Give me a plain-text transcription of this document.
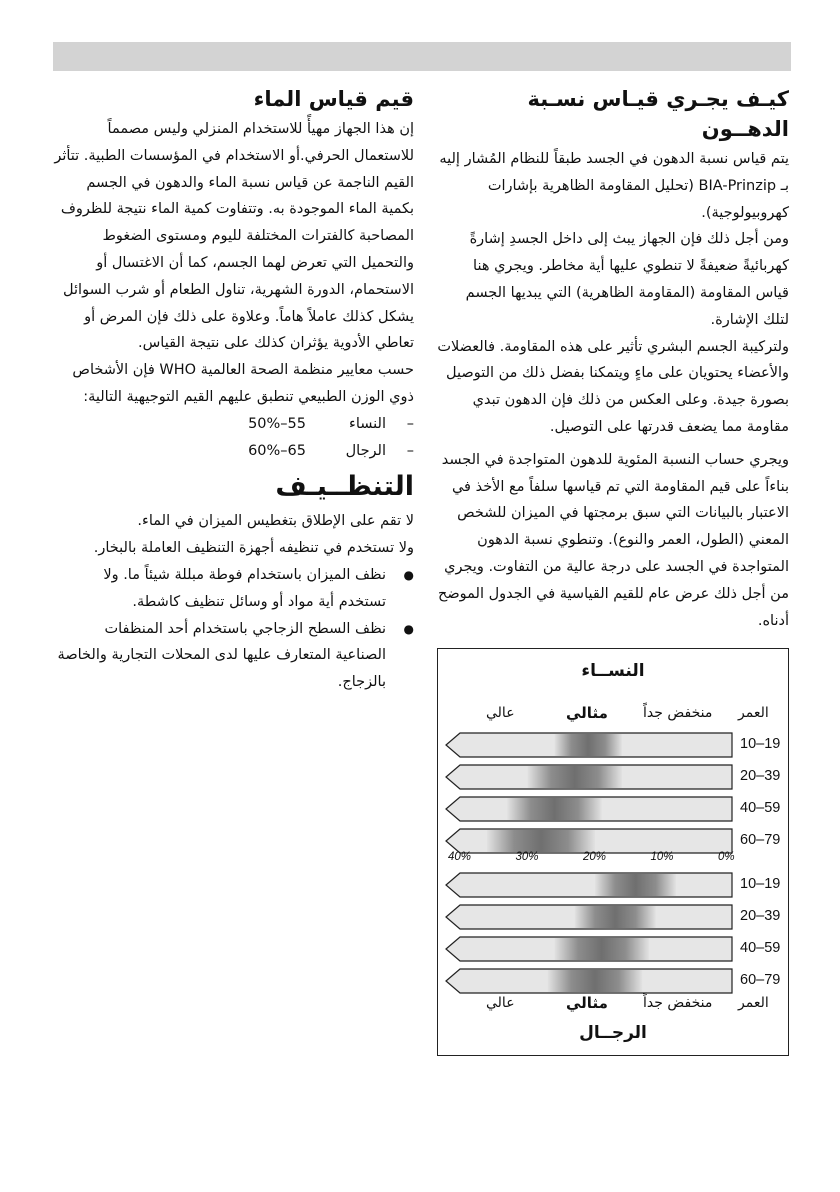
كيـف يجـري قيـاس نسـبة الدهــون

يتم قياس نسبة الدهون في الجسد طبقاً للنظام المُشار إليه بـ BIA-Prinzip (تحليل المقاومة الظاهرية بإشارات كهروبيولوجية).

ومن أجل ذلك فإن الجهاز يبث إلى داخل الجسدِ إشارةً كهربائيةً ضعيفةً لا تنطوي عليها أية مخاطر. ويجري هنا قياس المقاومة (المقاومة الظاهرية) التي يبديها الجسم لتلك الإشارة.

ولتركيبة الجسم البشري تأثير على هذه المقاومة. فالعضلات والأعضاء يحتويان على ماءٍ ويتمكنا بفضل ذلك من التوصيل بصورة جيدة. وعلى العكس من ذلك فإن الدهون تبدي مقاومة مما يضعف قدرتها على التوصيل.

ويجري حساب النسبة المئوية للدهون المتواجدة في الجسد بناءاً على قيم المقاومة التي تم قياسها سلفاً مع الأخذ في الاعتبار بالبيانات التي سبق برمجتها في الميزان للشخص المعني (الطول، العمر والنوع). وتنطوي نسبة الدهون المتواجدة في الجسد على درجة عالية من التفاوت. ويجري من أجل ذلك عرض عام للقيم القياسية في الجدول الموضح أدناه.

قيم قياس الماء

إن هذا الجهاز مهيأً للاستخدام المنزلي وليس مصمماً للاستعمال الحرفي.أو الاستخدام في المؤسسات الطبية. تتأثر القيم الناجمة عن قياس نسبة الماء والدهون في الجسم بكمية الماء الموجودة به. وتتفاوت كمية الماء نتيجة للظروف المصاحبة كالفترات المختلفة لليوم ومستوى الضغوط والتحميل التي تعرض لهما الجسم، كما أن الاغتسال أو الاستحمام، الدورة الشهرية، تناول الطعام أو شرب السوائل يشكل كذلك عاملاً هاماً. وعلاوة على ذلك فإن المرض أو تعاطي الأدوية يؤثران كذلك على نتيجة القياس.

حسب معايير منظمة الصحة العالمية WHO فإن الأشخاص ذوي الوزن الطبيعي تنطبق عليهم القيم التوجيهية التالية:

–
النساء
50%–55
–
الرجال
60%–65
التنظــيـف

لا تقم على الإطلاق بتغطيس الميزان في الماء.

ولا تستخدم في تنظيفه أجهزة التنظيف العاملة بالبخار.

●
نظف الميزان باستخدام فوطة مبللة شيئاً ما. ولا تستخدم أية مواد أو وسائل تنظيف كاشطة.
●
نظف السطح الزجاجي باستخدام أحد المنظفات الصناعية المتعارف عليها لدى المحلات التجارية والخاصة بالزجاج.
النســاء
العمر
منخفض جداً
مثالي
عالي
10–19
20–39
40–59
60–79
10–19
20–39
40–59
60–79
40%	30%	20%	10%	0%
العمر
منخفض جداً
مثالي
عالي
الرجــال
